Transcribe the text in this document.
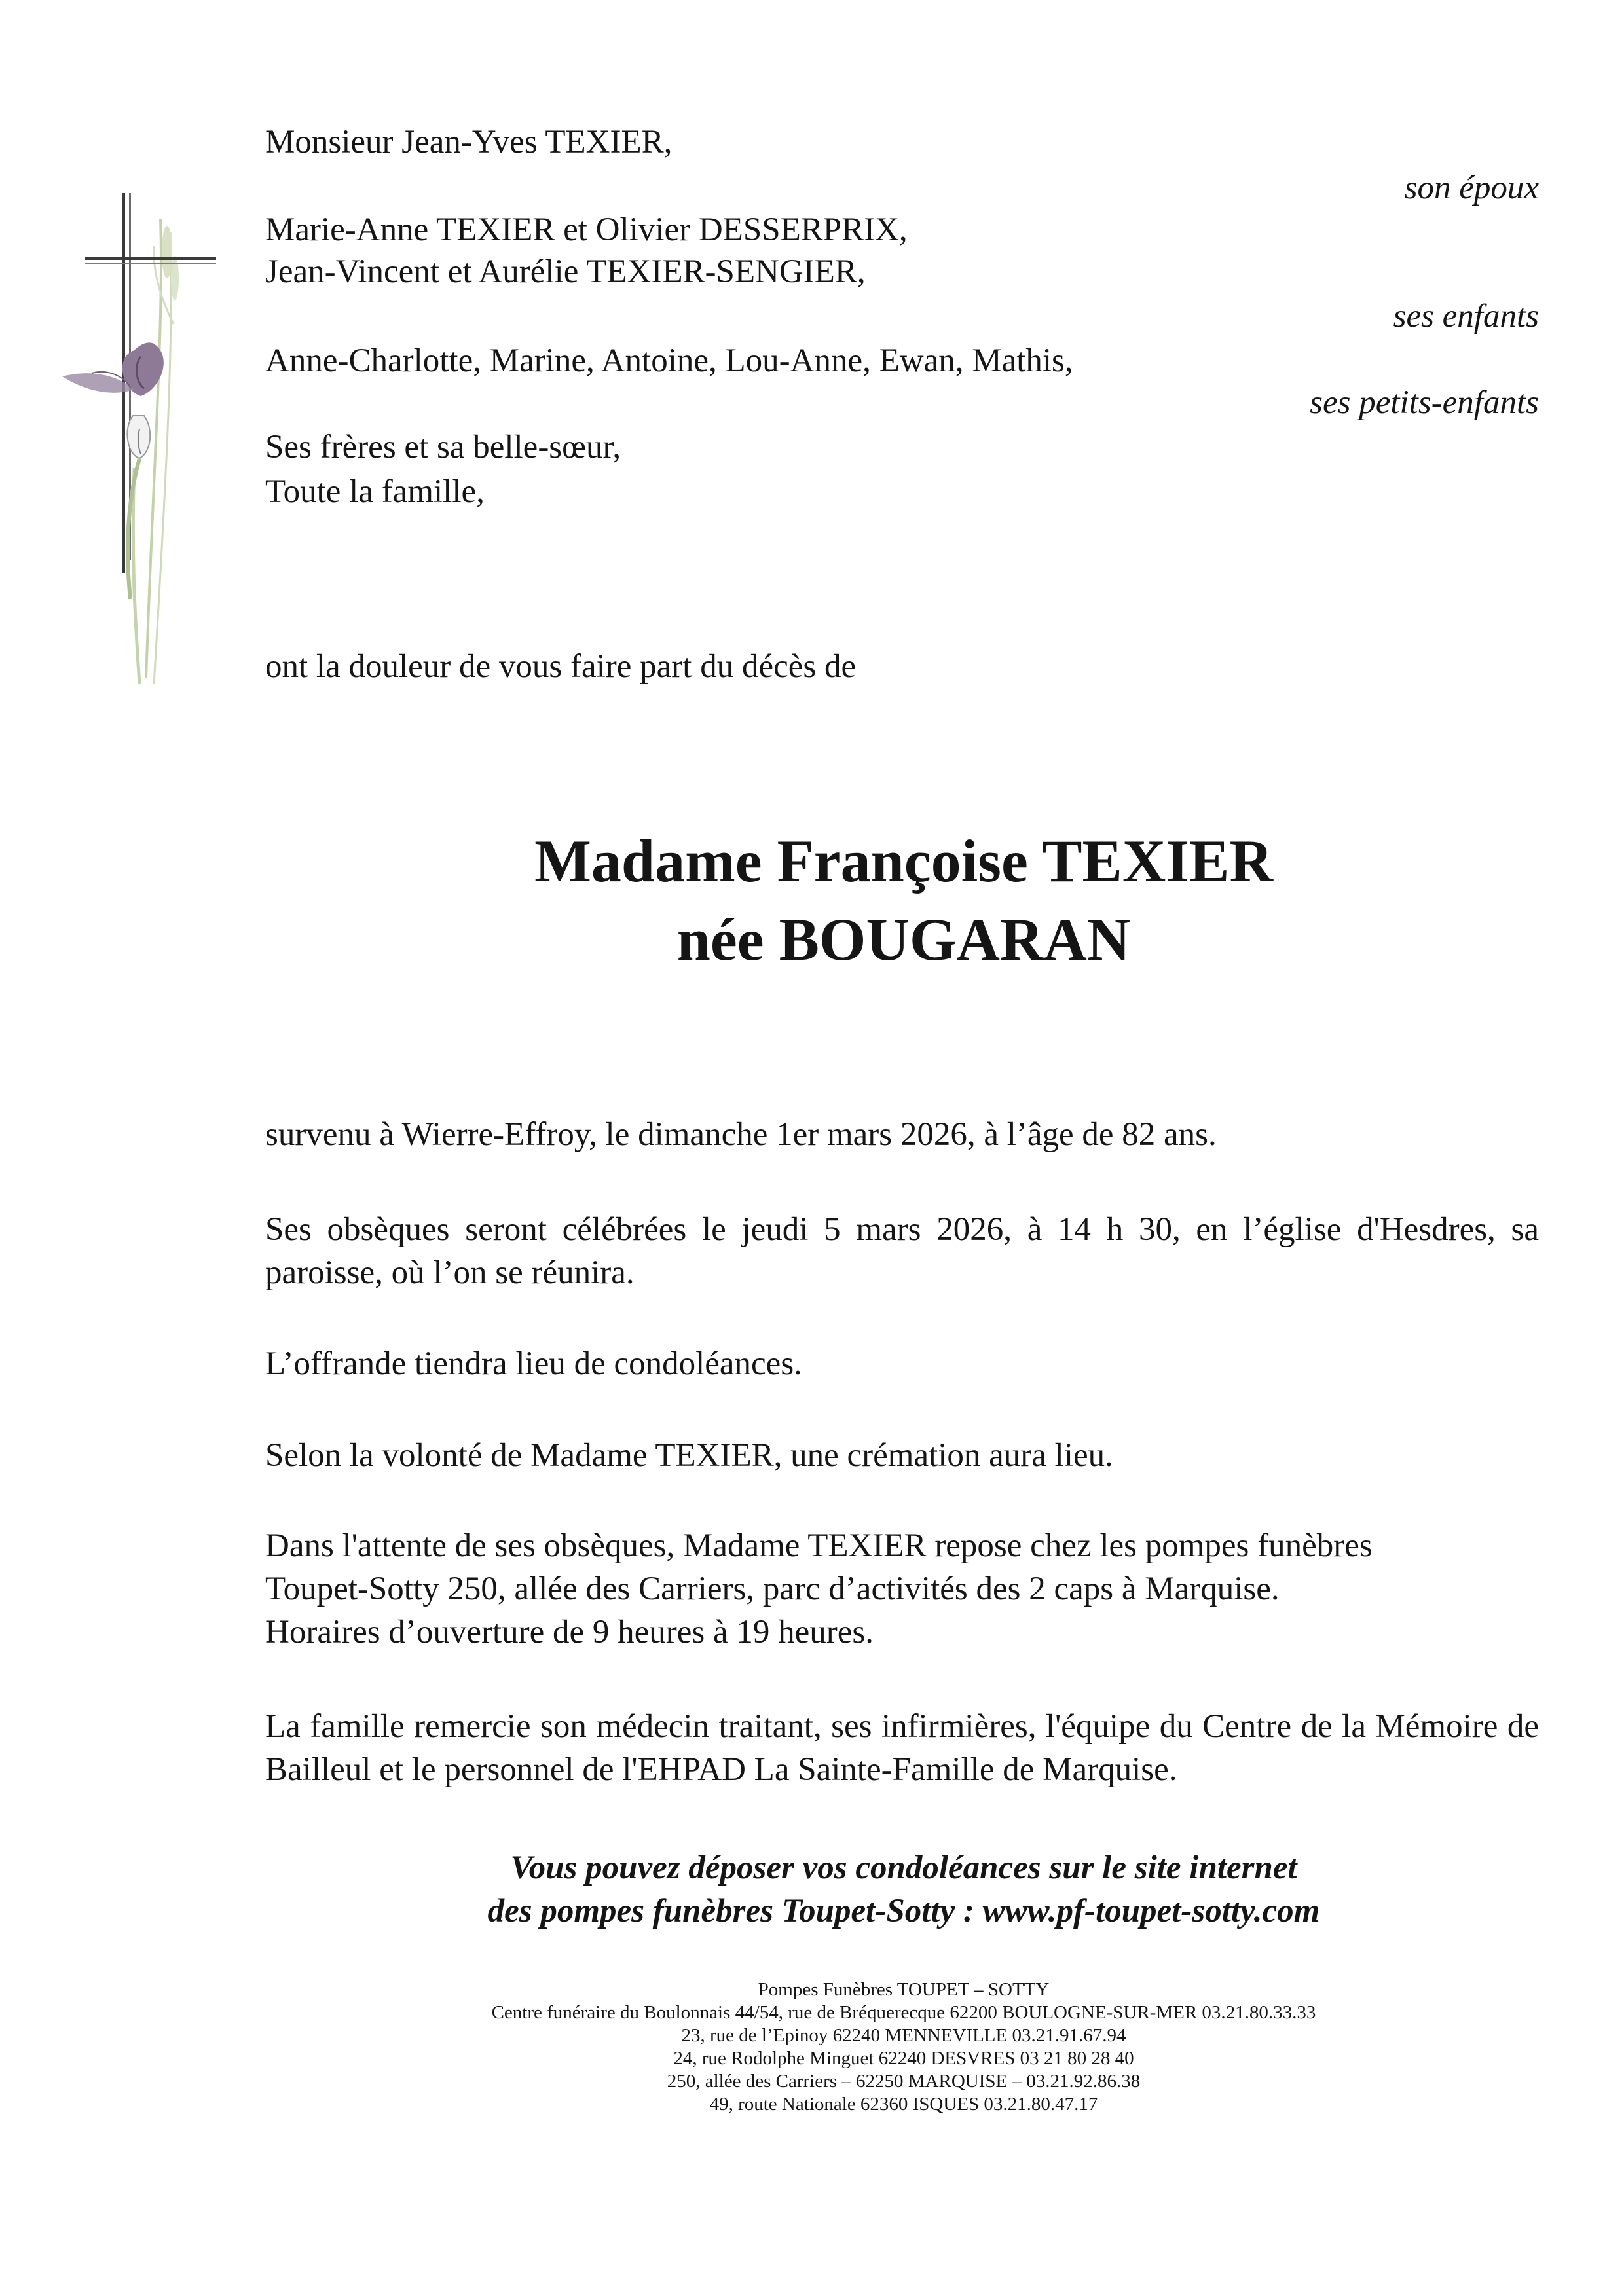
Monsieur Jean-Yves TEXIER,
son époux
Marie-Anne TEXIER et Olivier DESSERPRIX,
Jean-Vincent et Aurélie TEXIER-SENGIER,
ses enfants
Anne-Charlotte, Marine, Antoine, Lou-Anne, Ewan, Mathis,
ses petits-enfants
Ses frères et sa belle-sœur,
Toute la famille,
ont la douleur de vous faire part du décès de
Madame Françoise TEXIER
née BOUGARAN
survenu à Wierre-Effroy, le dimanche 1er mars 2026, à l’âge de 82 ans.
Ses obsèques seront célébrées le jeudi 5 mars 2026, à 14 h 30, en l’église d'Hesdres, sa paroisse, où l’on se réunira.
L’offrande tiendra lieu de condoléances.
Selon la volonté de Madame TEXIER, une crémation aura lieu.
Dans l'attente de ses obsèques, Madame TEXIER repose chez les pompes funèbres
Toupet-Sotty 250, allée des Carriers, parc d’activités des 2 caps à Marquise.
Horaires d’ouverture de 9 heures à 19 heures.
La famille remercie son médecin traitant, ses infirmières, l'équipe du Centre de la Mémoire de Bailleul et le personnel de l'EHPAD La Sainte-Famille de Marquise.
Vous pouvez déposer vos condoléances sur le site internet
des pompes funèbres Toupet-Sotty : www.pf-toupet-sotty.com
Pompes Funèbres TOUPET – SOTTY
Centre funéraire du Boulonnais 44/54, rue de Bréquerecque 62200 BOULOGNE-SUR-MER 03.21.80.33.33
23, rue de l’Epinoy 62240 MENNEVILLE 03.21.91.67.94
24, rue Rodolphe Minguet 62240 DESVRES 03 21 80 28 40
250, allée des Carriers – 62250 MARQUISE – 03.21.92.86.38
49, route Nationale 62360 ISQUES 03.21.80.47.17
